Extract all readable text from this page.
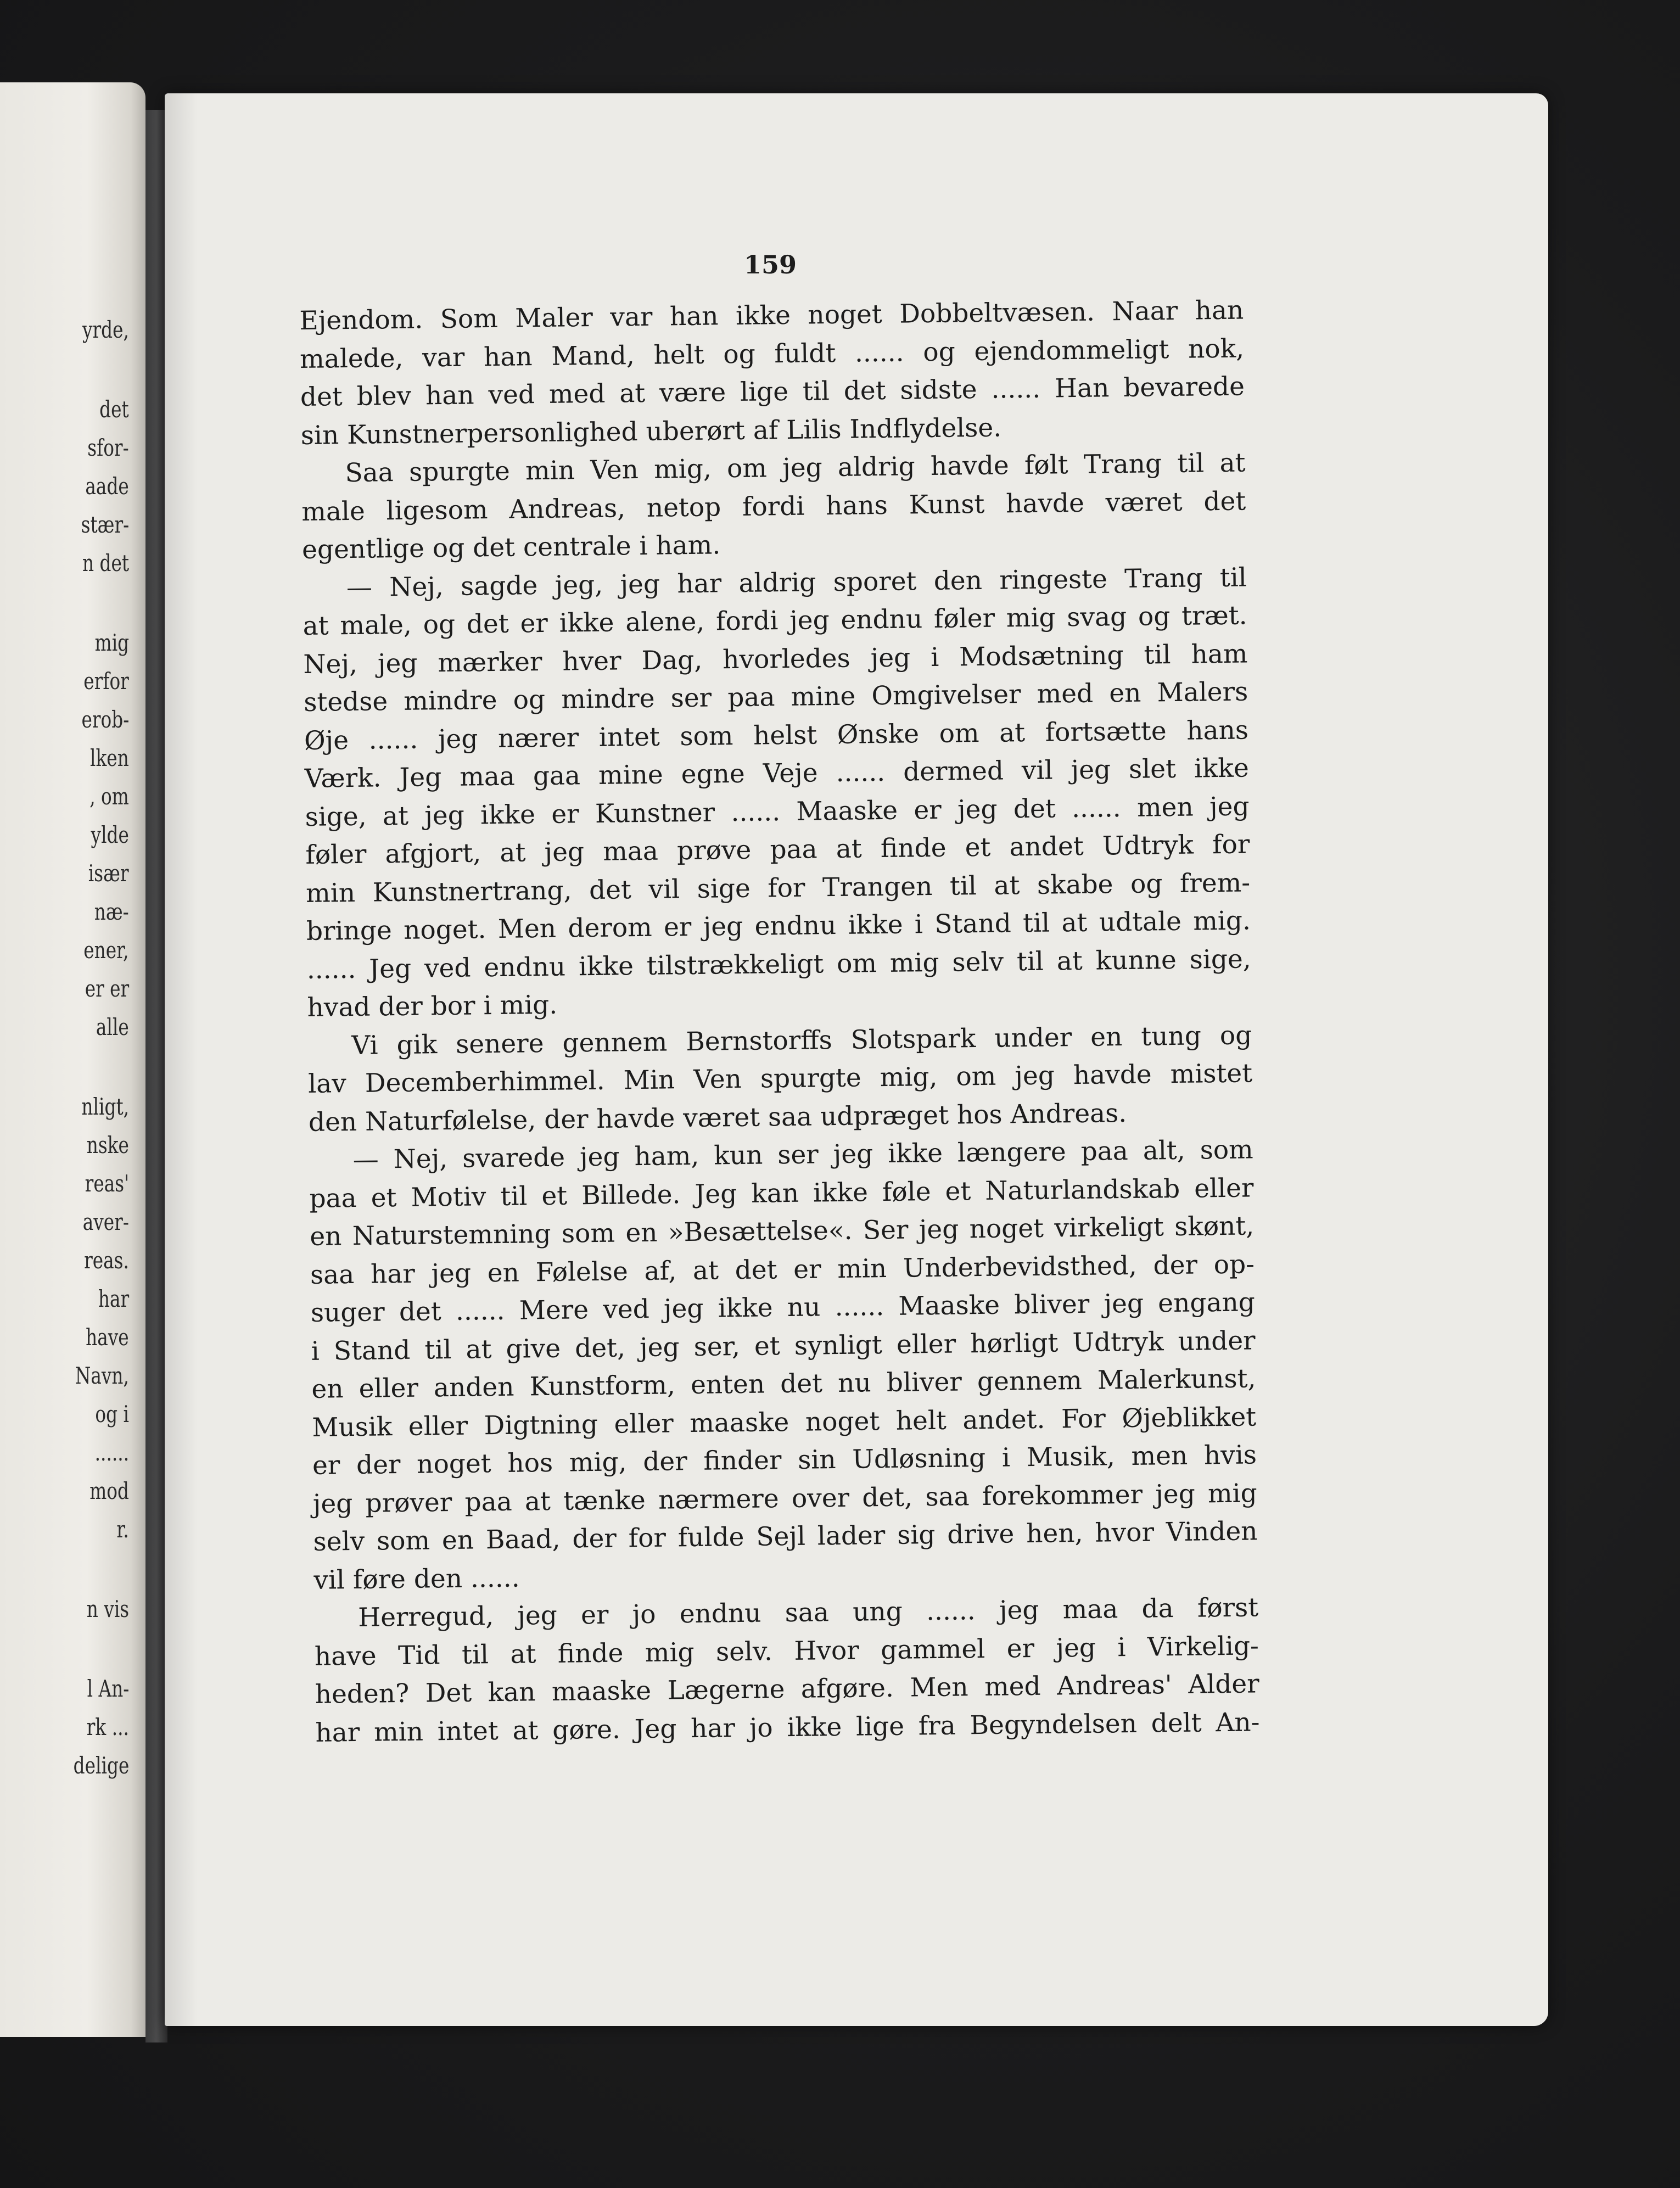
yrde,
det
sfor-
aade
stær-
n det
mig
erfor
erob-
lken
, om
ylde
især
næ-
ener,
er er
alle
nligt,
nske
reas'
aver-
reas.
har
have
Navn,
og i
......
mod
r.
n vis
l An-
rk ...
delige
159
Ejendom. Som Maler var han ikke noget Dobbeltvæsen. Naar han
malede, var han Mand, helt og fuldt ...... og ejendommeligt nok,
det blev han ved med at være lige til det sidste ...... Han bevarede
sin Kunstnerpersonlighed uberørt af Lilis Indflydelse.
Saa spurgte min Ven mig, om jeg aldrig havde følt Trang til at
male ligesom Andreas, netop fordi hans Kunst havde været det
egentlige og det centrale i ham.
— Nej, sagde jeg, jeg har aldrig sporet den ringeste Trang til
at male, og det er ikke alene, fordi jeg endnu føler mig svag og træt.
Nej, jeg mærker hver Dag, hvorledes jeg i Modsætning til ham
stedse mindre og mindre ser paa mine Omgivelser med en Malers
Øje ...... jeg nærer intet som helst Ønske om at fortsætte hans
Værk. Jeg maa gaa mine egne Veje ...... dermed vil jeg slet ikke
sige, at jeg ikke er Kunstner ...... Maaske er jeg det ...... men jeg
føler afgjort, at jeg maa prøve paa at finde et andet Udtryk for
min Kunstnertrang, det vil sige for Trangen til at skabe og frem-
bringe noget. Men derom er jeg endnu ikke i Stand til at udtale mig.
...... Jeg ved endnu ikke tilstrækkeligt om mig selv til at kunne sige,
hvad der bor i mig.
Vi gik senere gennem Bernstorffs Slotspark under en tung og
lav Decemberhimmel. Min Ven spurgte mig, om jeg havde mistet
den Naturfølelse, der havde været saa udpræget hos Andreas.
— Nej, svarede jeg ham, kun ser jeg ikke længere paa alt, som
paa et Motiv til et Billede. Jeg kan ikke føle et Naturlandskab eller
en Naturstemning som en »Besættelse«. Ser jeg noget virkeligt skønt,
saa har jeg en Følelse af, at det er min Underbevidsthed, der op-
suger det ...... Mere ved jeg ikke nu ...... Maaske bliver jeg engang
i Stand til at give det, jeg ser, et synligt eller hørligt Udtryk under
en eller anden Kunstform, enten det nu bliver gennem Malerkunst,
Musik eller Digtning eller maaske noget helt andet. For Øjeblikket
er der noget hos mig, der finder sin Udløsning i Musik, men hvis
jeg prøver paa at tænke nærmere over det, saa forekommer jeg mig
selv som en Baad, der for fulde Sejl lader sig drive hen, hvor Vinden
vil føre den ......
Herregud, jeg er jo endnu saa ung ...... jeg maa da først
have Tid til at finde mig selv. Hvor gammel er jeg i Virkelig-
heden? Det kan maaske Lægerne afgøre. Men med Andreas' Alder
har min intet at gøre. Jeg har jo ikke lige fra Begyndelsen delt An-
